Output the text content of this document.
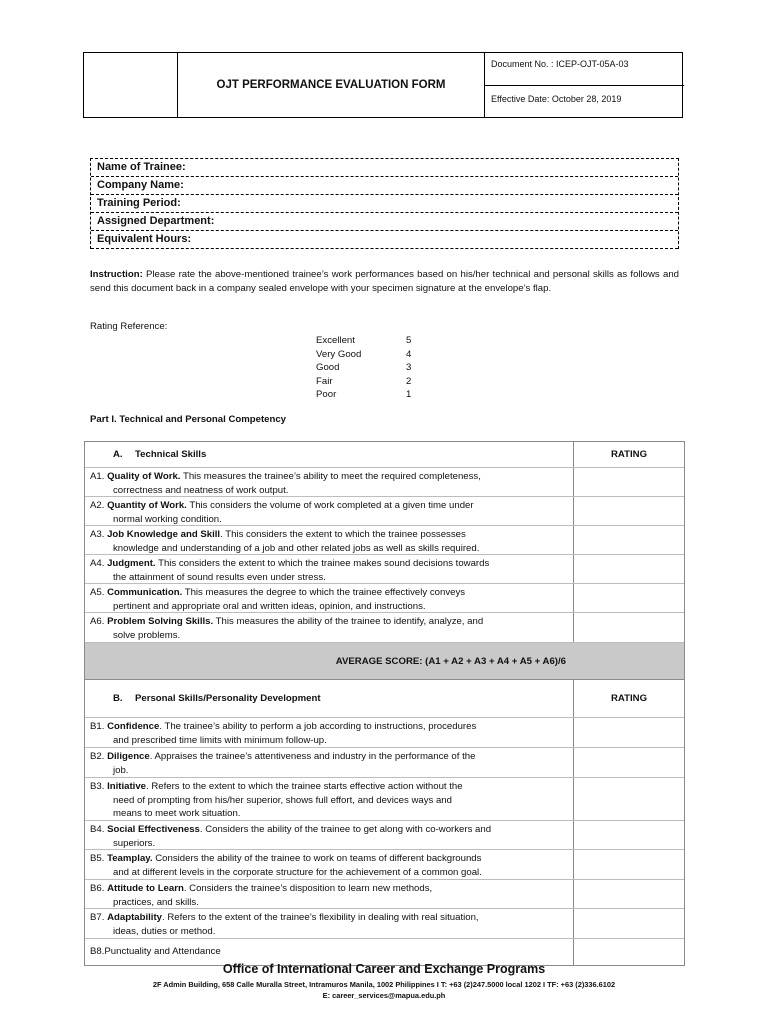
OJT PERFORMANCE EVALUATION FORM
Document No. : ICEP-OJT-05A-03
Effective Date: October 28, 2019
Name of Trainee:
Company Name:
Training Period:
Assigned Department:
Equivalent Hours:
Instruction: Please rate the above-mentioned trainee’s work performances based on his/her technical and personal skills as follows and send this document back in a company sealed envelope with your specimen signature at the envelope’s flap.
Rating Reference:
Excellent	5
Very Good	4
Good	3
Fair	2
Poor	1
Part I. Technical and Personal Competency
A.	Technical Skills	RATING
A1. Quality of Work. This measures the trainee’s ability to meet the required completeness,
correctness and neatness of work output.
A2. Quantity of Work. This considers the volume of work completed at a given time under
normal working condition.
A3. Job Knowledge and Skill. This considers the extent to which the trainee possesses
knowledge and understanding of a job and other related jobs as well as skills required.
A4. Judgment. This considers the extent to which the trainee makes sound decisions towards
the attainment of sound results even under stress.
A5. Communication. This measures the degree to which the trainee effectively conveys
pertinent and appropriate oral and written ideas, opinion, and instructions.
A6. Problem Solving Skills. This measures the ability of the trainee to identify, analyze, and
solve problems.
AVERAGE SCORE: (A1 + A2 + A3 + A4 + A5 + A6)/6
B.	Personal Skills/Personality Development	RATING
B1. Confidence. The trainee’s ability to perform a job according to instructions, procedures
and prescribed time limits with minimum follow-up.
B2. Diligence. Appraises the trainee’s attentiveness and industry in the performance of the
job.
B3. Initiative. Refers to the extent to which the trainee starts effective action without the
need of prompting from his/her superior, shows full effort, and devices ways and
means to meet work situation.
B4. Social Effectiveness. Considers the ability of the trainee to get along with co-workers and
superiors.
B5. Teamplay. Considers the ability of the trainee to work on teams of different backgrounds
and at different levels in the corporate structure for the achievement of a common goal.
B6. Attitude to Learn. Considers the trainee’s disposition to learn new methods,
practices, and skills.
B7. Adaptability. Refers to the extent of the trainee’s flexibility in dealing with real situation,
ideas, duties or method.
B8. Punctuality and Attendance
Office of International Career and Exchange Programs
2F Admin Building, 658 Calle Muralla Street, Intramuros Manila, 1002 Philippines I T: +63 (2)247.5000 local 1202 I TF: +63 (2)336.6102
E: career_services@mapua.edu.ph
